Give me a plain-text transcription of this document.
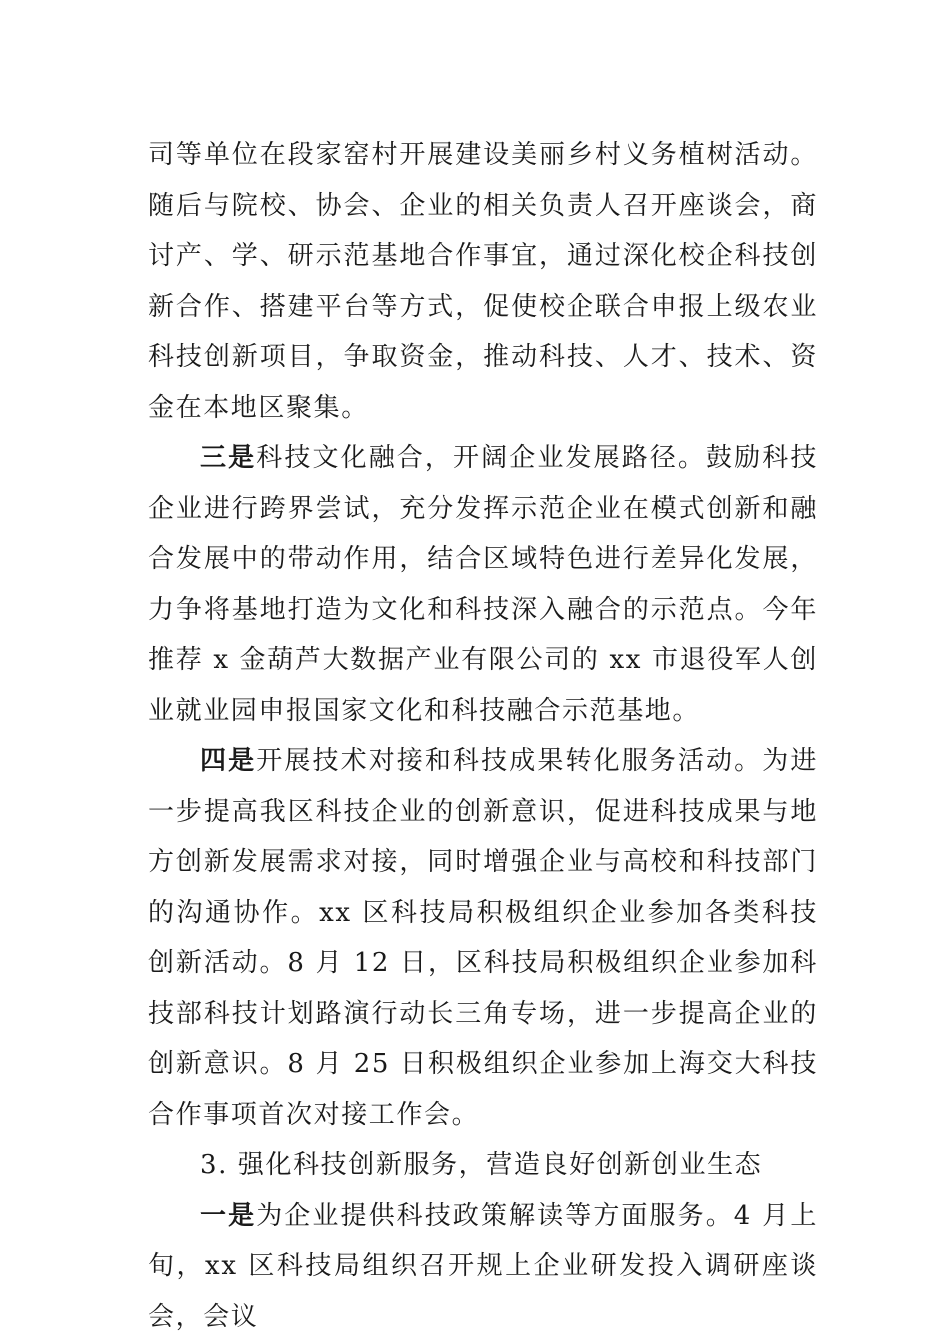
司等单位在段家窑村开展建设美丽乡村义务植树活动。随后与院校、协会、企业的相关负责人召开座谈会，商讨产、学、研示范基地合作事宜，通过深化校企科技创新合作、搭建平台等方式，促使校企联合申报上级农业科技创新项目，争取资金，推动科技、人才、技术、资金在本地区聚集。

三是科技文化融合，开阔企业发展路径。鼓励科技企业进行跨界尝试，充分发挥示范企业在模式创新和融合发展中的带动作用，结合区域特色进行差异化发展，力争将基地打造为文化和科技深入融合的示范点。今年推荐 x 金葫芦大数据产业有限公司的 xx 市退役军人创业就业园申报国家文化和科技融合示范基地。

四是开展技术对接和科技成果转化服务活动。为进一步提高我区科技企业的创新意识，促进科技成果与地方创新发展需求对接，同时增强企业与高校和科技部门的沟通协作。xx 区科技局积极组织企业参加各类科技创新活动。8 月 12 日，区科技局积极组织企业参加科技部科技计划路演行动长三角专场，进一步提高企业的创新意识。8 月 25 日积极组织企业参加上海交大科技合作事项首次对接工作会。

3. 强化科技创新服务，营造良好创新创业生态

一是为企业提供科技政策解读等方面服务。4 月上旬，xx 区科技局组织召开规上企业研发投入调研座谈会，会议
